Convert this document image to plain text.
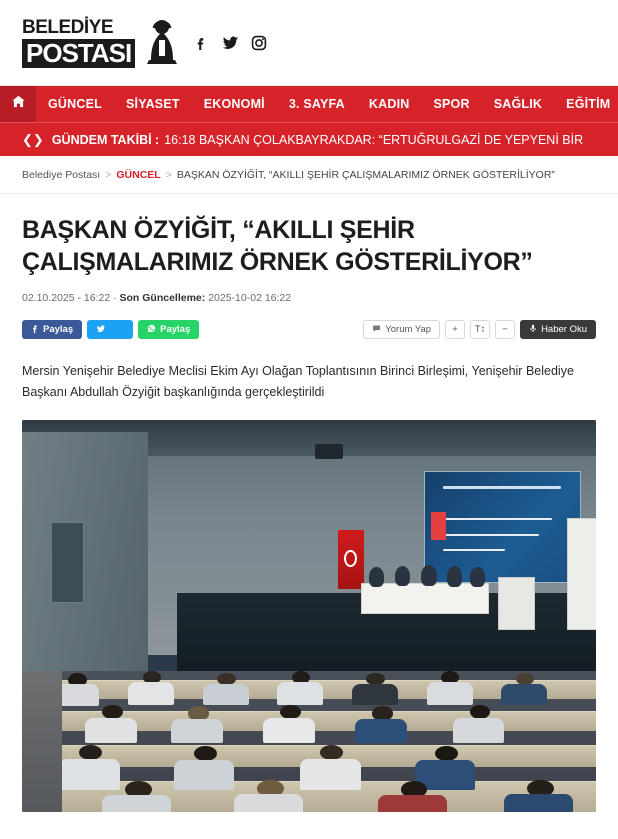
BELEDİYE
POSTASI
GÜNCEL	SİYASET	EKONOMİ	3. SAYFA	KADIN	SPOR	SAĞLIK	EĞİTİM
❮ ❯ GÜNDEM TAKİBİ : 16:18 BAŞKAN ÇOLAKBAYRAKDAR: “ERTUĞRULGAZİ DE YEPYENİ BİR
Belediye Postası > GÜNCEL > BAŞKAN ÖZYİĞİT, “AKILLI ŞEHİR ÇALIŞMALARIMIZ ÖRNEK GÖSTERİLİYOR”
BAŞKAN ÖZYİĞİT, “AKILLI ŞEHİR ÇALIŞMALARIMIZ ÖRNEK GÖSTERİLİYOR”
02.10.2025 - 16:22 · Son Güncelleme: 2025-10-02 16:22
Paylaş	Paylaş	Yorum Yap	+	T↕	−	Haber Oku

Mersin Yenişehir Belediye Meclisi Ekim Ayı Olağan Toplantısının Birinci Birleşimi, Yenişehir Belediye Başkanı Abdullah Özyiğit başkanlığında gerçekleştirildi
